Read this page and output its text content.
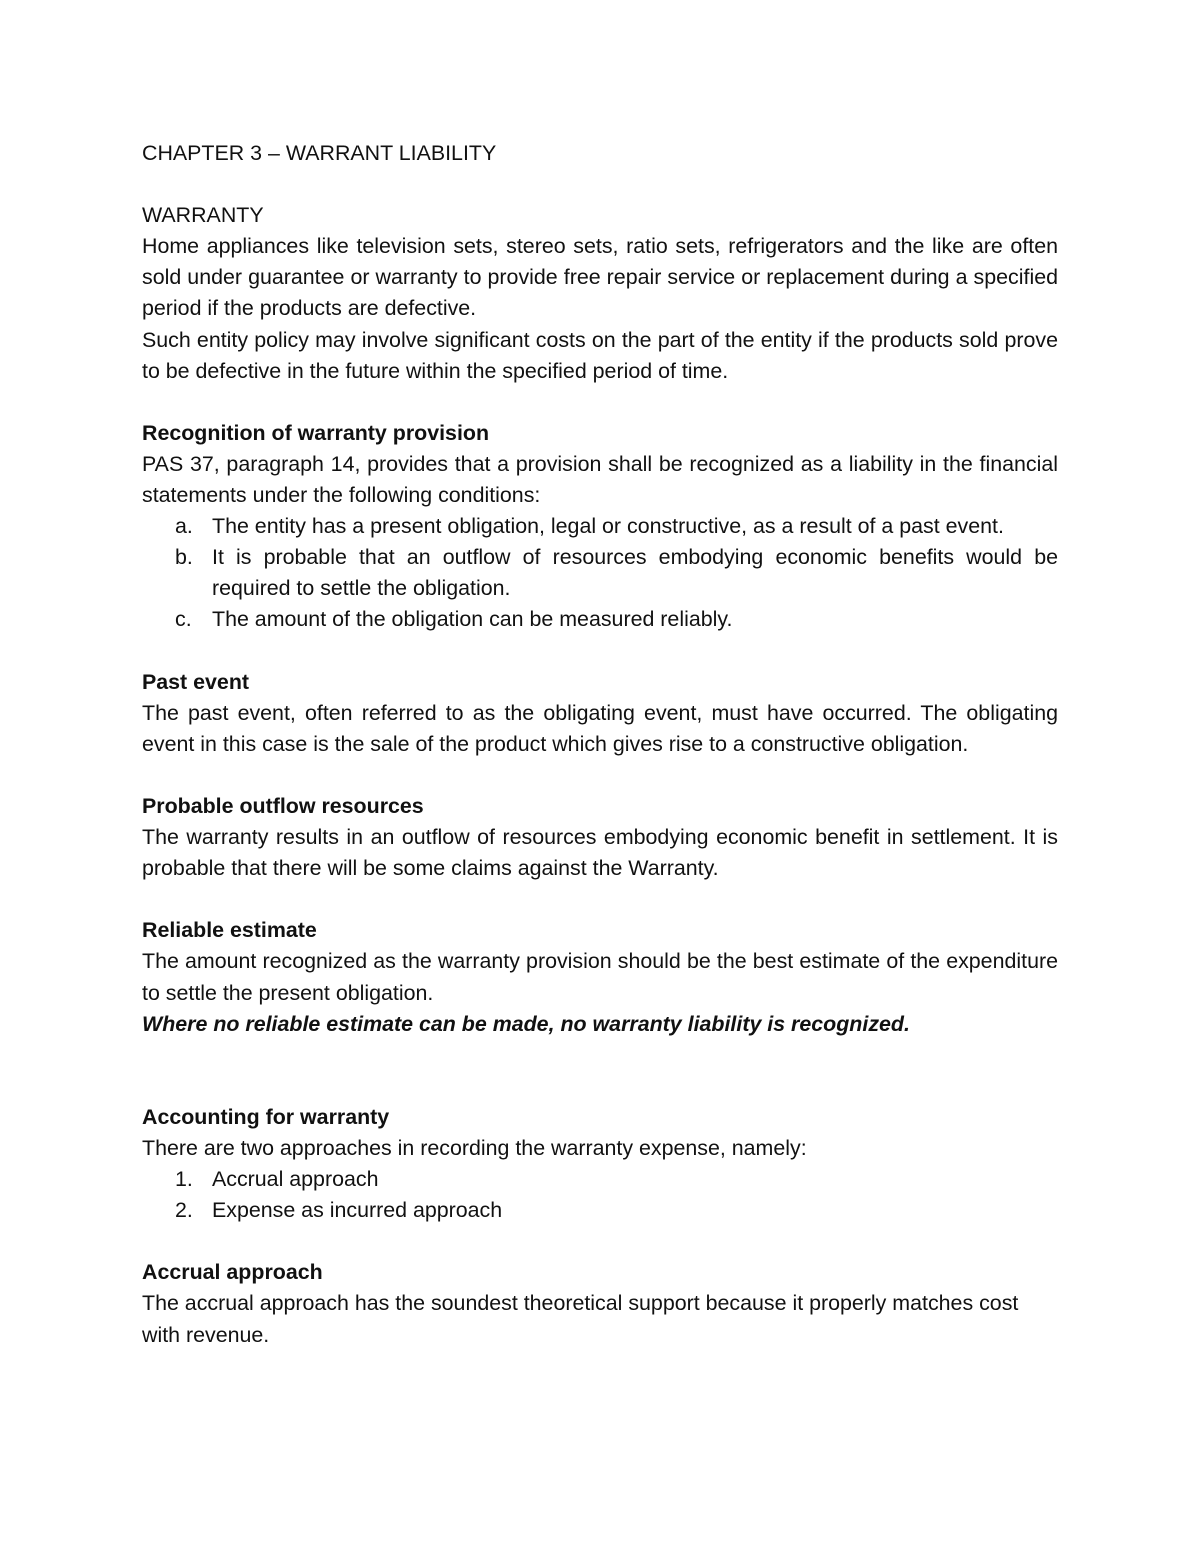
CHAPTER 3 – WARRANT LIABILITY
WARRANTY
Home appliances like television sets, stereo sets, ratio sets, refrigerators and the like are often sold under guarantee or warranty to provide free repair service or replacement during a specified period if the products are defective.
Such entity policy may involve significant costs on the part of the entity if the products sold prove to be defective in the future within the specified period of time.
Recognition of warranty provision
PAS 37, paragraph 14, provides that a provision shall be recognized as a liability in the financial statements under the following conditions:
a. The entity has a present obligation, legal or constructive, as a result of a past event.
b. It is probable that an outflow of resources embodying economic benefits would be required to settle the obligation.
c. The amount of the obligation can be measured reliably.
Past event
The past event, often referred to as the obligating event, must have occurred. The obligating event in this case is the sale of the product which gives rise to a constructive obligation.
Probable outflow resources
The warranty results in an outflow of resources embodying economic benefit in settlement. It is probable that there will be some claims against the Warranty.
Reliable estimate
The amount recognized as the warranty provision should be the best estimate of the expenditure to settle the present obligation.
Where no reliable estimate can be made, no warranty liability is recognized.
Accounting for warranty
There are two approaches in recording the warranty expense, namely:
1. Accrual approach
2. Expense as incurred approach
Accrual approach
The accrual approach has the soundest theoretical support because it properly matches cost with revenue.
